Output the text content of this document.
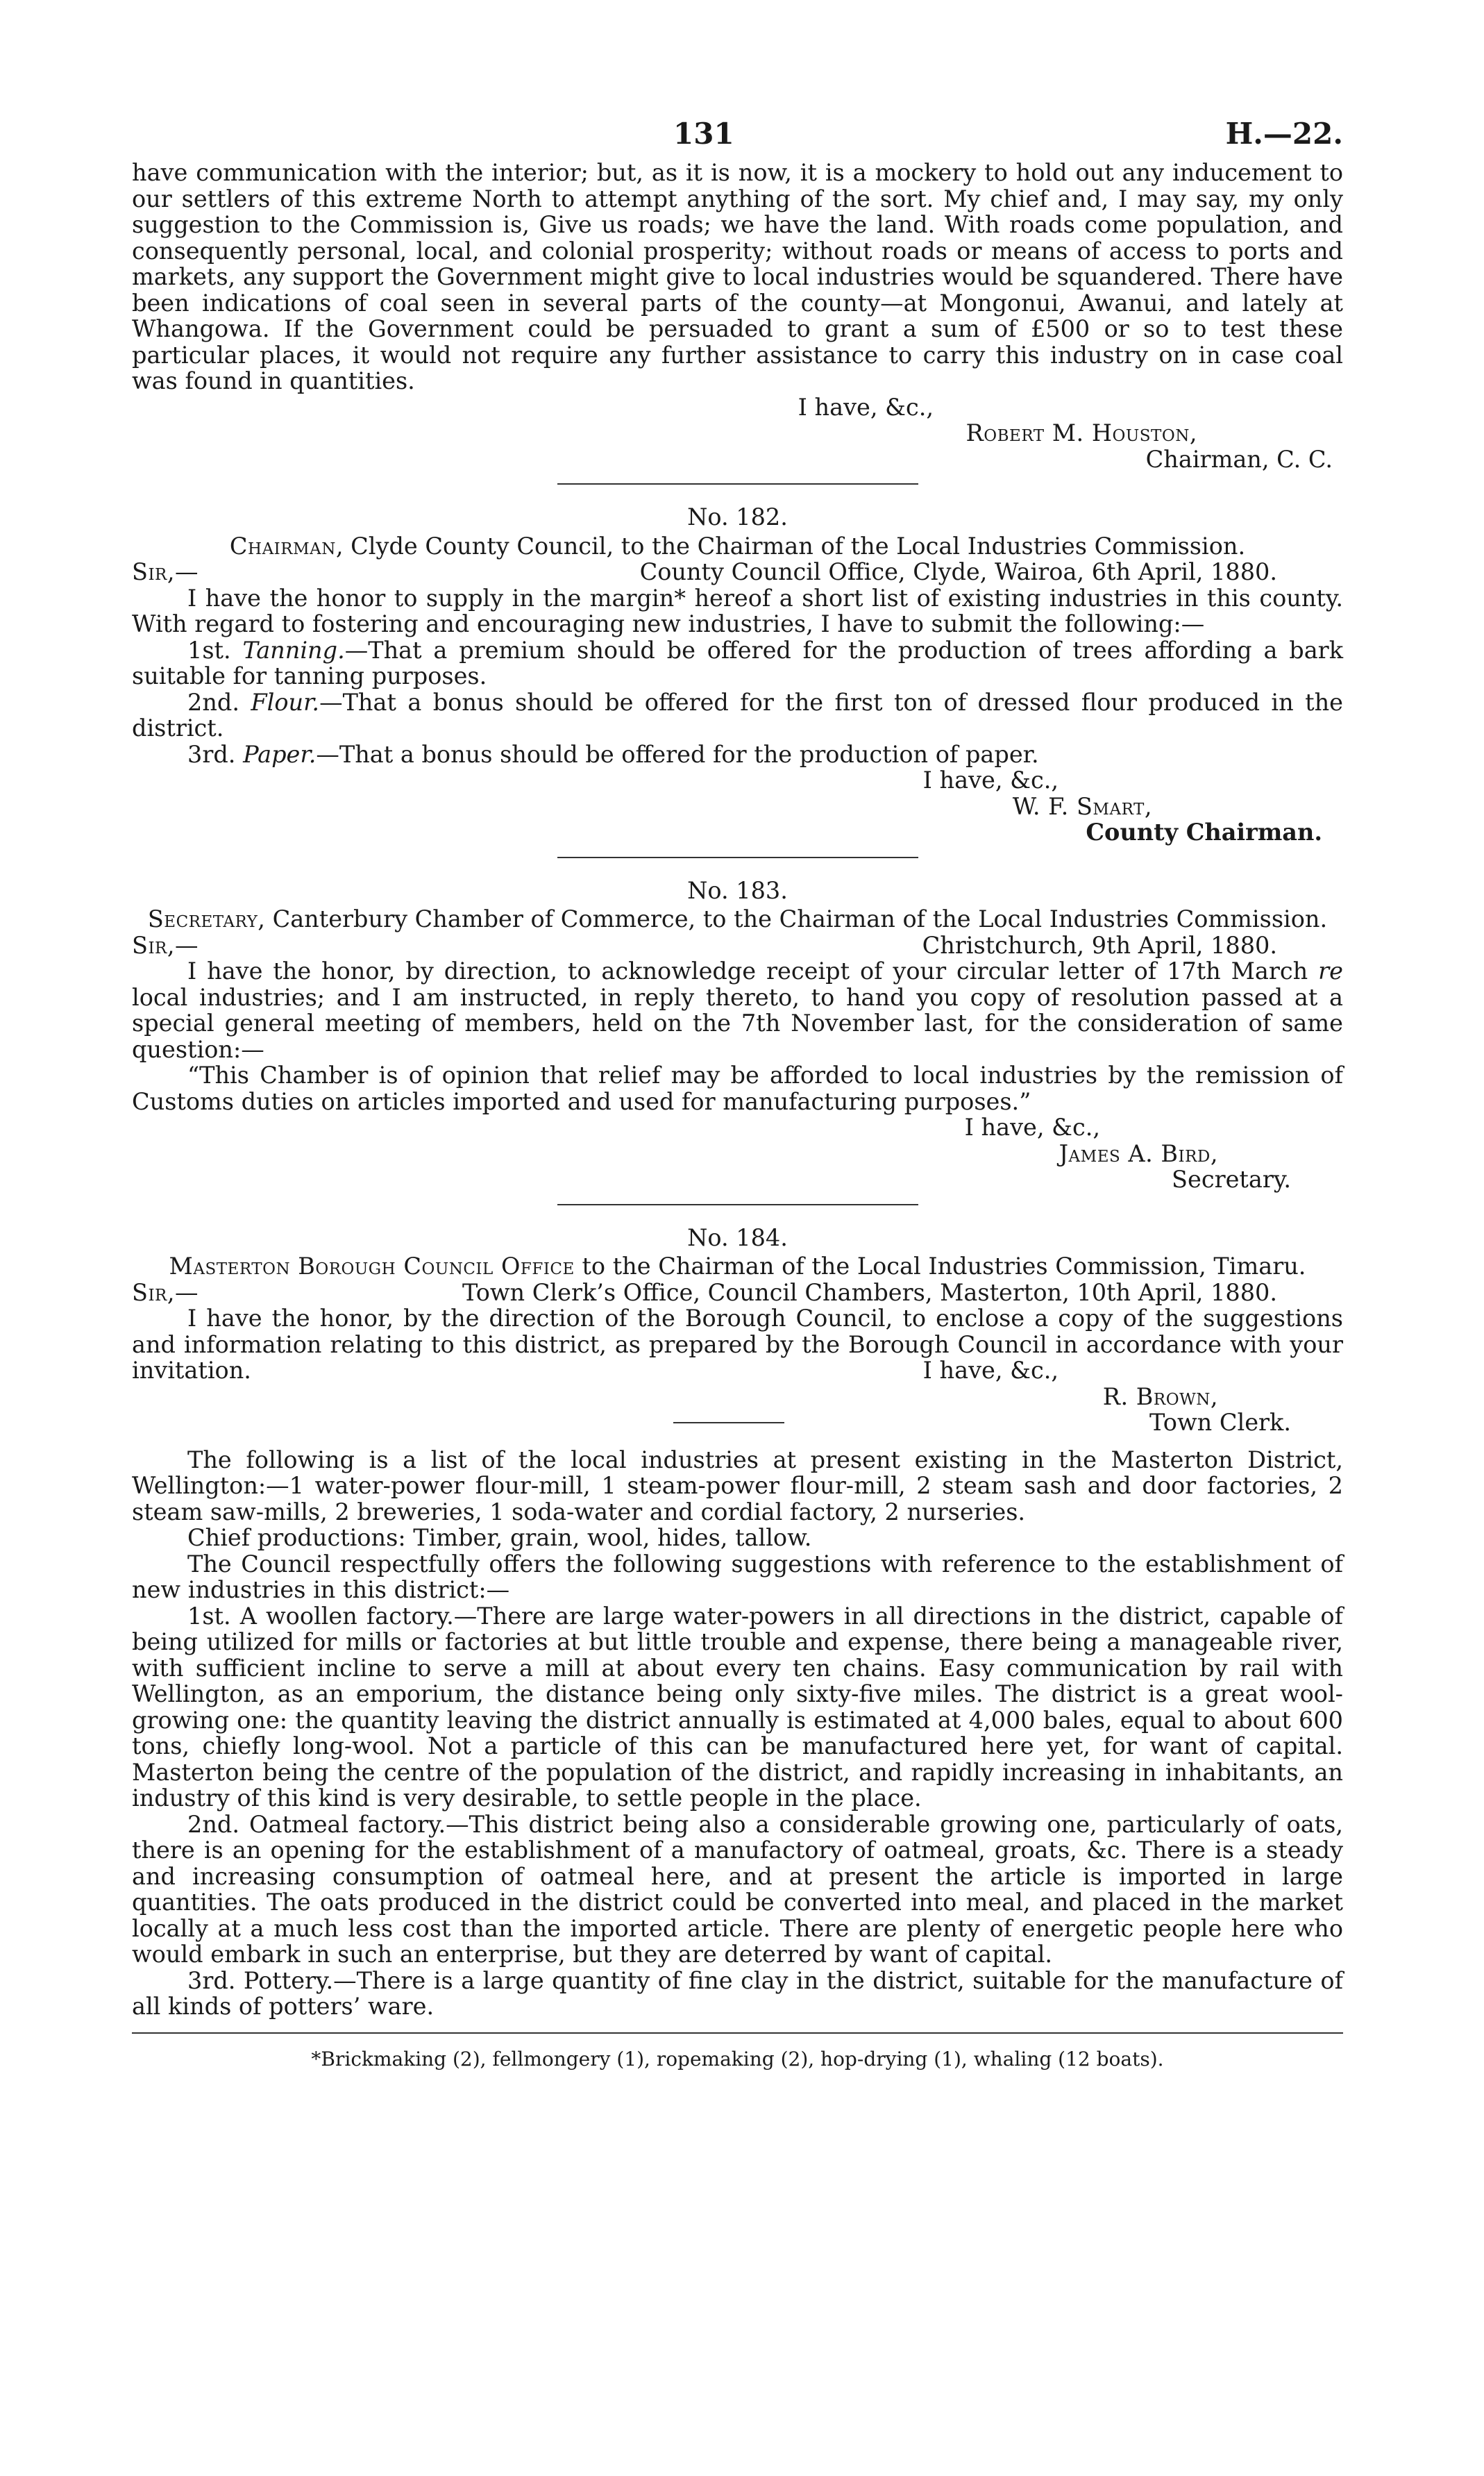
131	H.—22.

have communication with the interior; but, as it is now, it is a mockery to hold out any inducement to our settlers of this extreme North to attempt anything of the sort. My chief and, I may say, my only suggestion to the Commission is, Give us roads; we have the land. With roads come population, and consequently personal, local, and colonial prosperity; without roads or means of access to ports and markets, any support the Government might give to local industries would be squandered. There have been indications of coal seen in several parts of the county—at Mongonui, Awanui, and lately at Whangowa. If the Government could be persuaded to grant a sum of £500 or so to test these particular places, it would not require any further assistance to carry this industry on in case coal was found in quantities.

I have, &c.,

Robert M. Houston,

Chairman, C. C.

No. 182.

Chairman, Clyde County Council, to the Chairman of the Local Industries Commission.

Sir,—	County Council Office, Clyde, Wairoa, 6th April, 1880.

I have the honor to supply in the margin* hereof a short list of existing industries in this county. With regard to fostering and encouraging new industries, I have to submit the following:—

1st. Tanning.—That a premium should be offered for the production of trees affording a bark suitable for tanning purposes.

2nd. Flour.—That a bonus should be offered for the first ton of dressed flour produced in the district.

3rd. Paper.—That a bonus should be offered for the production of paper.

I have, &c.,

W. F. Smart,

County Chairman.

No. 183.

Secretary, Canterbury Chamber of Commerce, to the Chairman of the Local Industries Commission.

Sir,—	Christchurch, 9th April, 1880.

I have the honor, by direction, to acknowledge receipt of your circular letter of 17th March re local industries; and I am instructed, in reply thereto, to hand you copy of resolution passed at a special general meeting of members, held on the 7th November last, for the consideration of same question:—

“This Chamber is of opinion that relief may be afforded to local industries by the remission of Customs duties on articles imported and used for manufacturing purposes.”

I have, &c.,

James A. Bird,

Secretary.

No. 184.

Masterton Borough Council Office to the Chairman of the Local Industries Commission, Timaru.

Sir,—	Town Clerk’s Office, Council Chambers, Masterton, 10th April, 1880.

I have the honor, by the direction of the Borough Council, to enclose a copy of the suggestions and information relating to this district, as prepared by the Borough Council in accordance with your invitation.	I have, &c.,

R. Brown,

Town Clerk.

The following is a list of the local industries at present existing in the Masterton District, Wellington:—1 water-power flour-mill, 1 steam-power flour-mill, 2 steam sash and door factories, 2 steam saw-mills, 2 breweries, 1 soda-water and cordial factory, 2 nurseries.

Chief productions: Timber, grain, wool, hides, tallow.

The Council respectfully offers the following suggestions with reference to the establishment of new industries in this district:—

1st. A woollen factory.—There are large water-powers in all directions in the district, capable of being utilized for mills or factories at but little trouble and expense, there being a manageable river, with sufficient incline to serve a mill at about every ten chains. Easy communication by rail with Wellington, as an emporium, the distance being only sixty-five miles. The district is a great wool-growing one: the quantity leaving the district annually is estimated at 4,000 bales, equal to about 600 tons, chiefly long-wool. Not a particle of this can be manufactured here yet, for want of capital. Masterton being the centre of the population of the district, and rapidly increasing in inhabitants, an industry of this kind is very desirable, to settle people in the place.

2nd. Oatmeal factory.—This district being also a considerable growing one, particularly of oats, there is an opening for the establishment of a manufactory of oatmeal, groats, &c. There is a steady and increasing consumption of oatmeal here, and at present the article is imported in large quantities. The oats produced in the district could be converted into meal, and placed in the market locally at a much less cost than the imported article. There are plenty of energetic people here who would embark in such an enterprise, but they are deterred by want of capital.

3rd. Pottery.—There is a large quantity of fine clay in the district, suitable for the manufacture of all kinds of potters’ ware.

*Brickmaking (2), fellmongery (1), ropemaking (2), hop-drying (1), whaling (12 boats).
